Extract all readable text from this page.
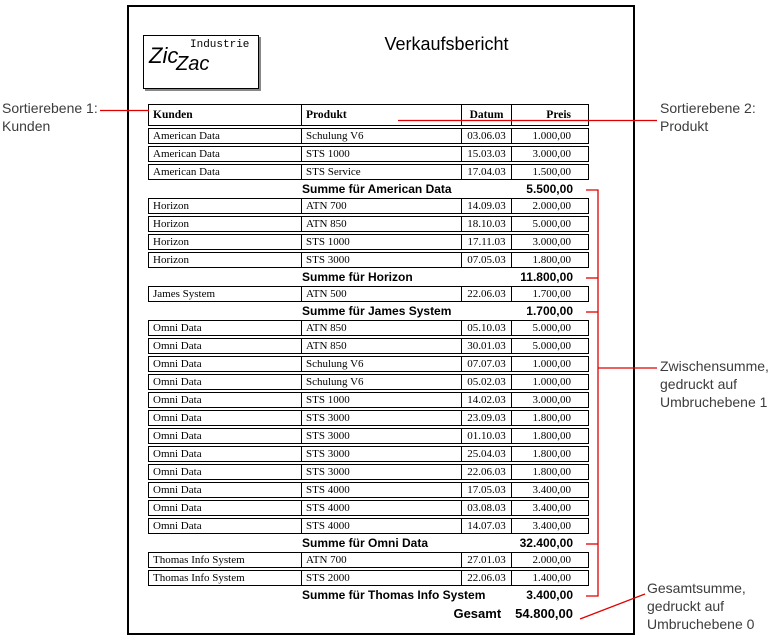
Zic
Zac
Industrie	Verkaufsbericht
Kunden	Produkt	Datum	Preis
American Data	Schulung V6	03.06.03	1.000,00
American Data	STS 1000	15.03.03	3.000,00
American Data	STS Service	17.04.03	1.500,00
Summe für American Data	5.500,00
Horizon	ATN 700	14.09.03	2.000,00
Horizon	ATN 850	18.10.03	5.000,00
Horizon	STS 1000	17.11.03	3.000,00
Horizon	STS 3000	07.05.03	1.800,00
Summe für Horizon	11.800,00
James System	ATN 500	22.06.03	1.700,00
Summe für James System	1.700,00
Omni Data	ATN 850	05.10.03	5.000,00
Omni Data	ATN 850	30.01.03	5.000,00
Omni Data	Schulung V6	07.07.03	1.000,00
Omni Data	Schulung V6	05.02.03	1.000,00
Omni Data	STS 1000	14.02.03	3.000,00
Omni Data	STS 3000	23.09.03	1.800,00
Omni Data	STS 3000	01.10.03	1.800,00
Omni Data	STS 3000	25.04.03	1.800,00
Omni Data	STS 3000	22.06.03	1.800,00
Omni Data	STS 4000	17.05.03	3.400,00
Omni Data	STS 4000	03.08.03	3.400,00
Omni Data	STS 4000	14.07.03	3.400,00
Summe für Omni Data	32.400,00
Thomas Info System	ATN 700	27.01.03	2.000,00
Thomas Info System	STS 2000	22.06.03	1.400,00
Summe für Thomas Info System	3.400,00
Gesamt 54.800,00
Sortierebene 1:
Kunden
Sortierebene 2:
Produkt
Zwischensumme,
gedruckt auf
Umbruchebene 1
Gesamtsumme,
gedruckt auf
Umbruchebene 0
